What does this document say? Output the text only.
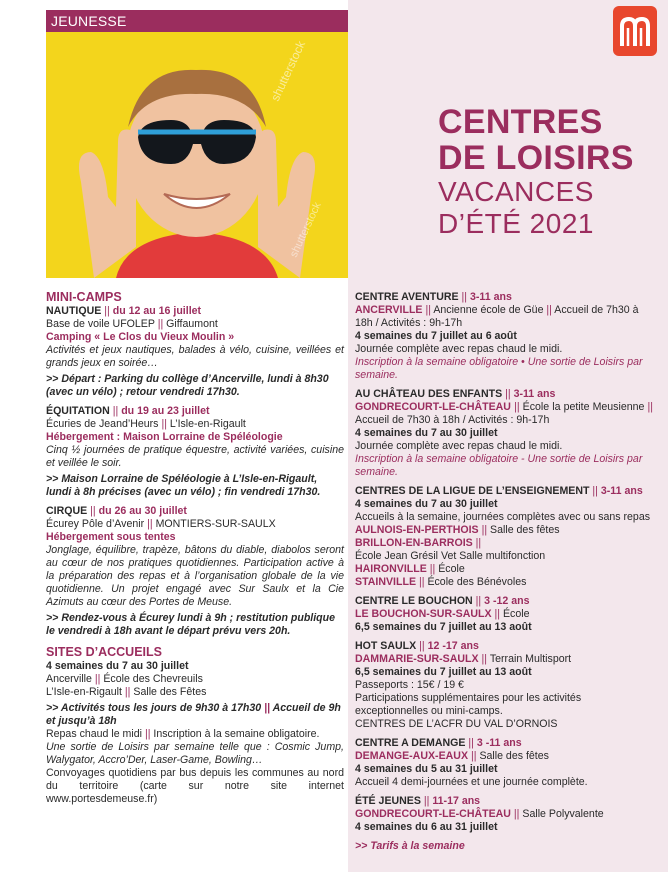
JEUNESSE
shutterstock
shutterstock
CENTRES
DE LOISIRS
VACANCES
D’ÉTÉ 2021
MINI-CAMPS
NAUTIQUE || du 12 au 16 juillet
Base de voile UFOLEP || Giffaumont
Camping « Le Clos du Vieux Moulin »
Activités et jeux nautiques, balades à vélo, cuisine, veillées et grands jeux en soirée…
>> Départ : Parking du collège d’Ancerville, lundi à 8h30 (avec un vélo) ; retour vendredi 17h30.
ÉQUITATION || du 19 au 23 juillet
Écuries de Jeand’Heurs || L’Isle-en-Rigault
Hébergement : Maison Lorraine de Spéléologie
Cinq ½ journées de pratique équestre, activité variées, cuisine et veillée le soir.
>> Maison Lorraine de Spéléologie à L’Isle-en-Rigault, lundi à 8h précises (avec un vélo) ; fin vendredi 17h30.
CIRQUE || du 26 au 30 juillet
Écurey Pôle d’Avenir || MONTIERS-SUR-SAULX
Hébergement sous tentes
Jonglage, équilibre, trapèze, bâtons du diable, diabolos seront au cœur de nos pratiques quotidiennes. Participation active à la préparation des repas et à l’organisation globale de la vie quotidienne. Un projet engagé avec Sur Saulx et la Cie Azimuts au cœur des Portes de Meuse.
>> Rendez-vous à Écurey lundi à 9h ; restitution publique le vendredi à 18h avant le départ prévu vers 20h.
SITES D’ACCUEILS
4 semaines du 7 au 30 juillet
Ancerville || École des Chevreuils
L’Isle-en-Rigault || Salle des Fêtes
>> Activités tous les jours de 9h30 à 17h30 || Accueil de 9h et jusqu’à 18h
Repas chaud le midi || Inscription à la semaine obligatoire.
Une sortie de Loisirs par semaine telle que : Cosmic Jump, Walygator, Accro’Der, Laser-Game, Bowling…
Convoyages quotidiens par bus depuis les communes au nord du territoire (carte sur notre site internet www.portesdemeuse.fr)
CENTRE AVENTURE || 3-11 ans
ANCERVILLE || Ancienne école de Güe || Accueil de 7h30 à 18h / Activités : 9h-17h
4 semaines du 7 juillet au 6 août
Journée complète avec repas chaud le midi.
Inscription à la semaine obligatoire • Une sortie de Loisirs par semaine.
AU CHÂTEAU DES ENFANTS || 3-11 ans
GONDRECOURT-LE-CHÂTEAU || École la petite Meusienne || Accueil de 7h30 à 18h / Activités : 9h-17h
4 semaines du 7 au 30 juillet
Journée complète avec repas chaud le midi.
Inscription à la semaine obligatoire - Une sortie de Loisirs par semaine.
CENTRES DE LA LIGUE DE L’ENSEIGNEMENT || 3-11 ans
4 semaines du 7 au 30 juillet
Accueils à la semaine, journées complètes avec ou sans repas
AULNOIS-EN-PERTHOIS || Salle des fêtes
BRILLON-EN-BARROIS ||
École Jean Grésil Vet Salle multifonction
HAIRONVILLE || École
STAINVILLE || École des Bénévoles
CENTRE LE BOUCHON || 3 -12 ans
LE BOUCHON-SUR-SAULX || École
6,5 semaines du 7 juillet au 13 août
HOT SAULX || 12 -17 ans
DAMMARIE-SUR-SAULX || Terrain Multisport
6,5 semaines du 7 juillet au 13 août
Passeports : 15€ / 19 €
Participations supplémentaires pour les activités exceptionnelles ou mini-camps.
CENTRES DE L’ACFR DU VAL D’ORNOIS
CENTRE A DEMANGE || 3 -11 ans
DEMANGE-AUX-EAUX || Salle des fêtes
4 semaines du 5 au 31 juillet
Accueil 4 demi-journées et une journée complète.
ÉTÉ JEUNES || 11-17 ans
GONDRECOURT-LE-CHÂTEAU || Salle Polyvalente
4 semaines du 6 au 31 juillet
>> Tarifs à la semaine
